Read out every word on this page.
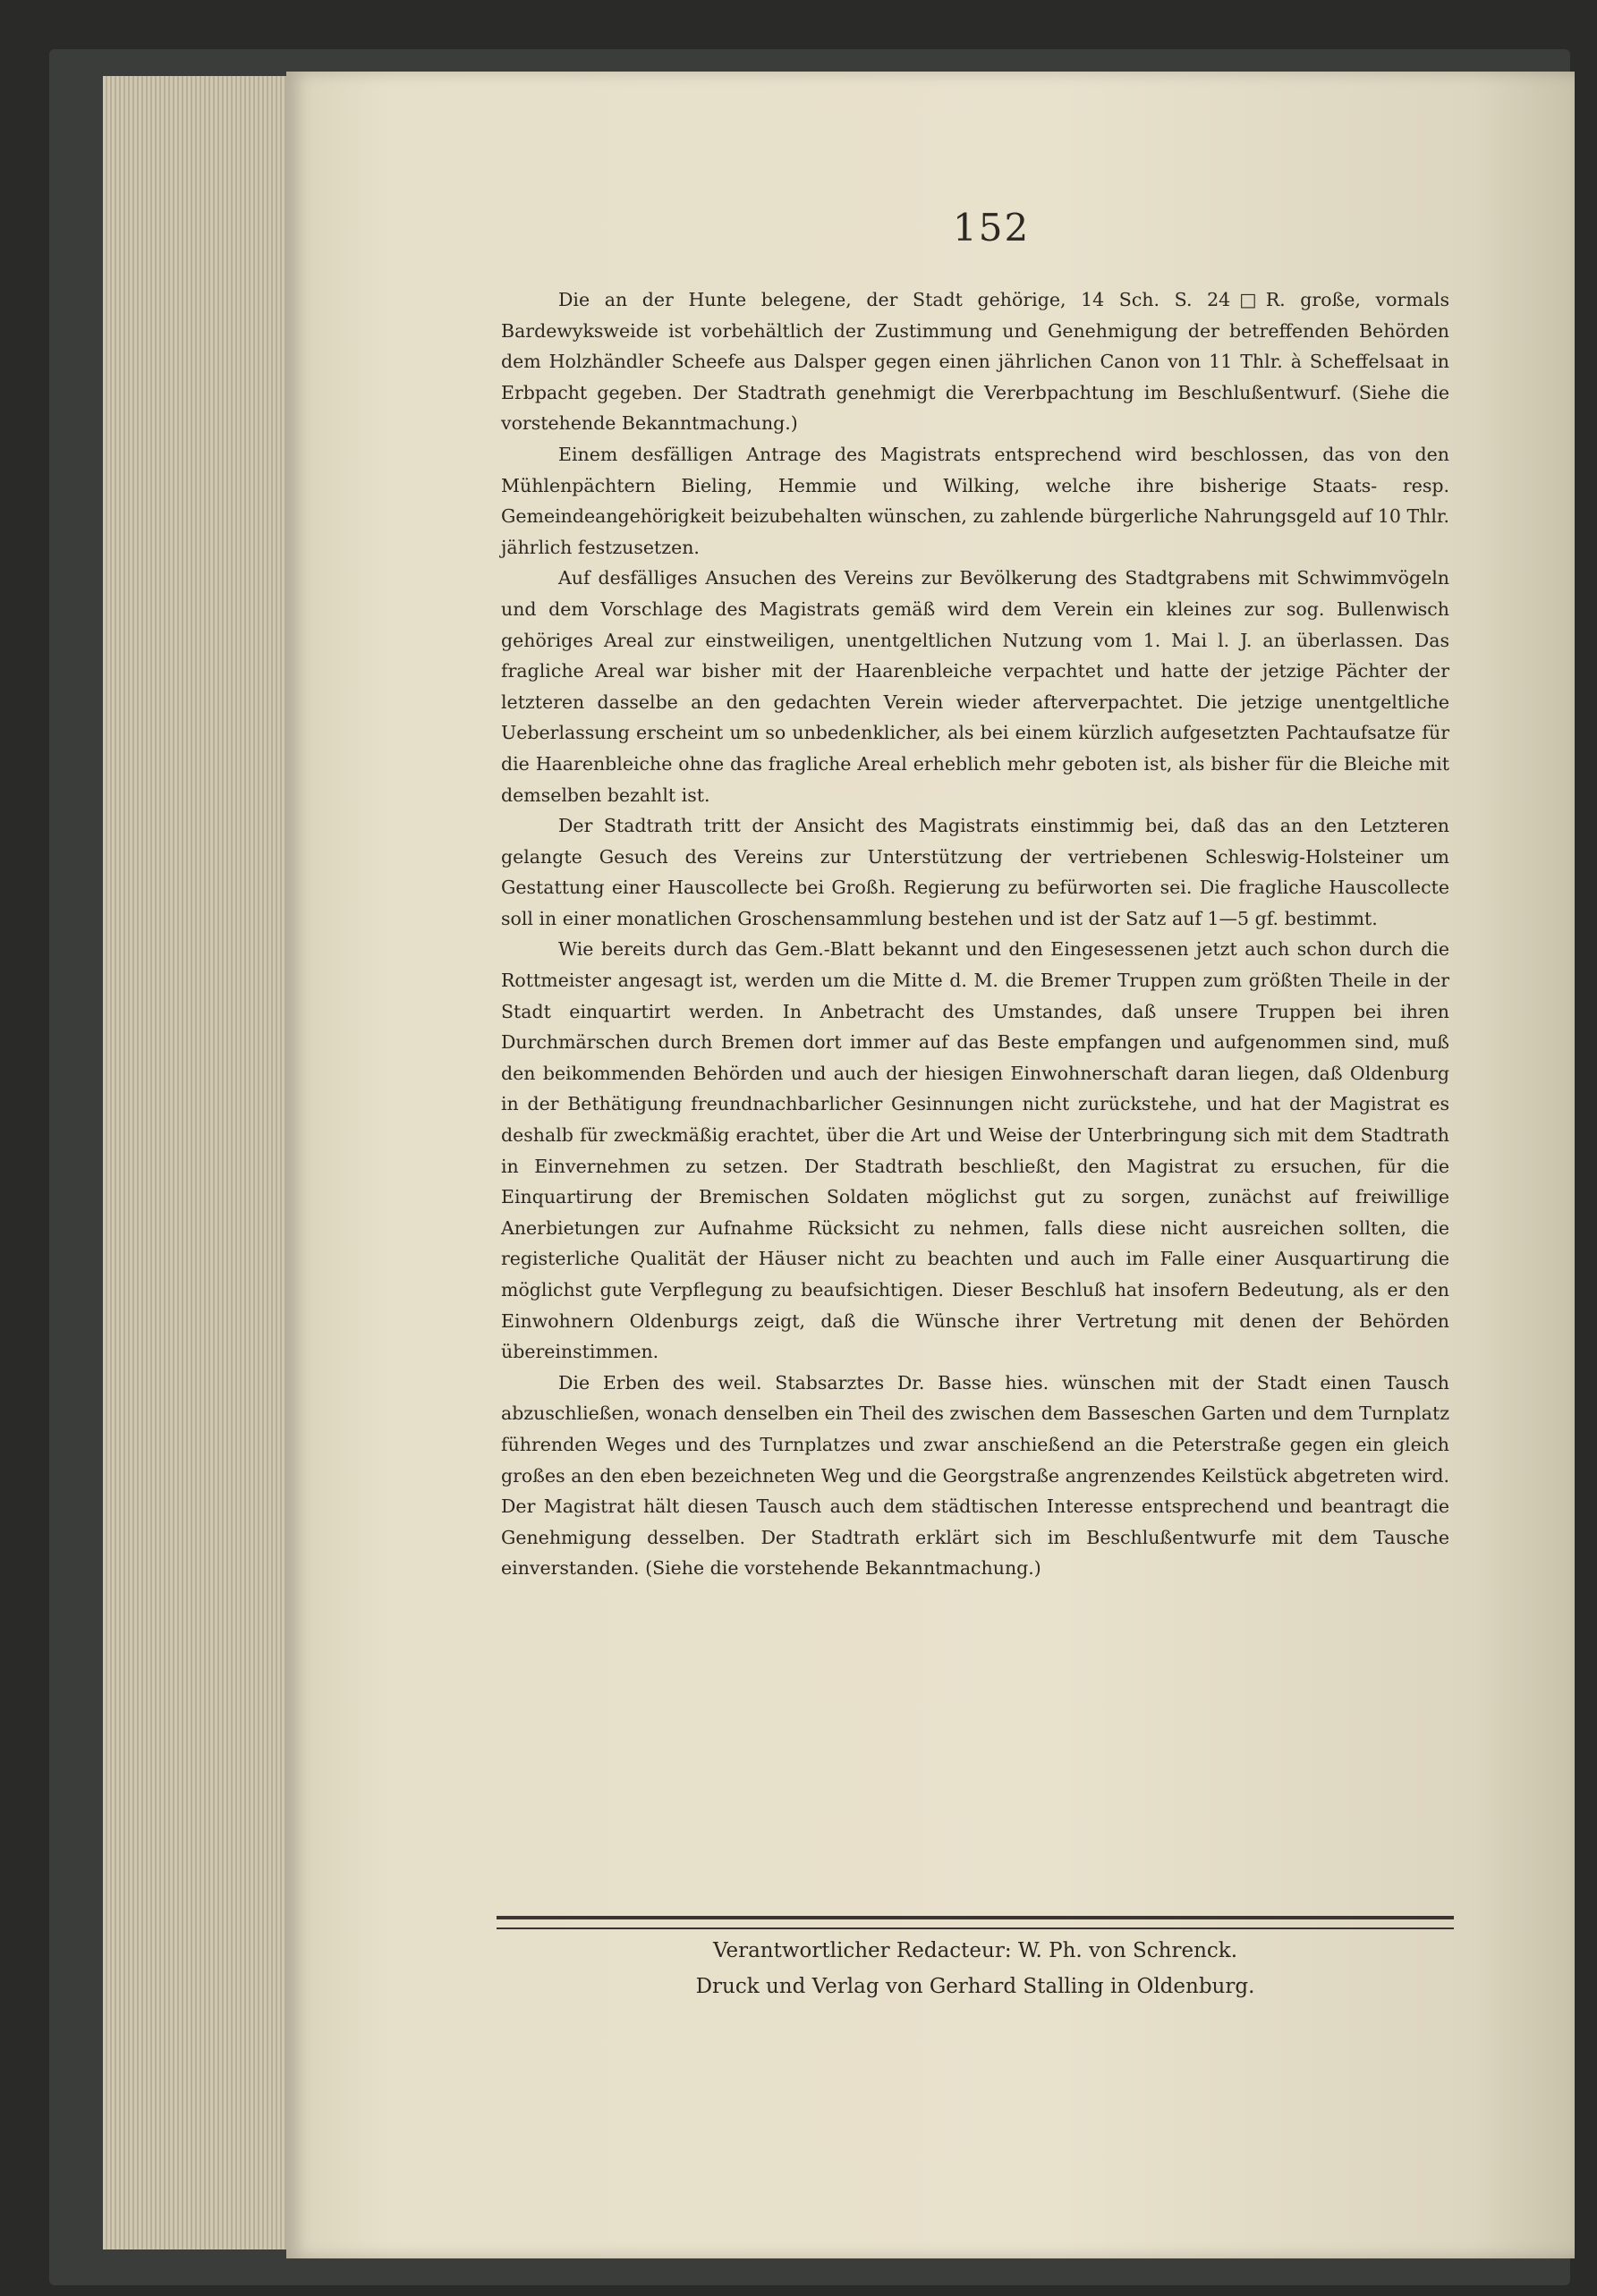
152

Die an der Hunte belegene, der Stadt gehörige, 14 Sch. S. 24□R. große, vormals Bardewyksweide ist vorbehältlich der Zustimmung und Genehmigung der betreffenden Behörden dem Holzhändler Scheefe aus Dalsper gegen einen jährlichen Canon von 11 Thlr. à Scheffelsaat in Erbpacht gegeben. Der Stadtrath genehmigt die Vererbpachtung im Beschlußentwurf. (Siehe die vorstehende Bekanntmachung.)

Einem desfälligen Antrage des Magistrats entsprechend wird beschlossen, das von den Mühlenpächtern Bieling, Hemmie und Wilking, welche ihre bisherige Staats- resp. Gemeindeangehörigkeit beizubehalten wünschen, zu zahlende bürgerliche Nahrungsgeld auf 10 Thlr. jährlich festzusetzen.

Auf desfälliges Ansuchen des Vereins zur Bevölkerung des Stadtgrabens mit Schwimmvögeln und dem Vorschlage des Magistrats gemäß wird dem Verein ein kleines zur sog. Bullenwisch gehöriges Areal zur einstweiligen, unentgeltlichen Nutzung vom 1. Mai l. J. an überlassen. Das fragliche Areal war bisher mit der Haarenbleiche verpachtet und hatte der jetzige Pächter der letzteren dasselbe an den gedachten Verein wieder afterverpachtet. Die jetzige unentgeltliche Ueberlassung erscheint um so unbedenklicher, als bei einem kürzlich aufgesetzten Pachtaufsatze für die Haarenbleiche ohne das fragliche Areal erheblich mehr geboten ist, als bisher für die Bleiche mit demselben bezahlt ist.

Der Stadtrath tritt der Ansicht des Magistrats einstimmig bei, daß das an den Letzteren gelangte Gesuch des Vereins zur Unterstützung der vertriebenen Schleswig-Holsteiner um Gestattung einer Hauscollecte bei Großh. Regierung zu befürworten sei. Die fragliche Hauscollecte soll in einer monatlichen Groschensammlung bestehen und ist der Satz auf 1—5 gf. bestimmt.

Wie bereits durch das Gem.-Blatt bekannt und den Eingesessenen jetzt auch schon durch die Rottmeister angesagt ist, werden um die Mitte d. M. die Bremer Truppen zum größten Theile in der Stadt einquartirt werden. In Anbetracht des Umstandes, daß unsere Truppen bei ihren Durchmärschen durch Bremen dort immer auf das Beste empfangen und aufgenommen sind, muß den beikommenden Behörden und auch der hiesigen Einwohnerschaft daran liegen, daß Oldenburg in der Bethätigung freundnachbarlicher Gesinnungen nicht zurückstehe, und hat der Magistrat es deshalb für zweckmäßig erachtet, über die Art und Weise der Unterbringung sich mit dem Stadtrath in Einvernehmen zu setzen. Der Stadtrath beschließt, den Magistrat zu ersuchen, für die Einquartirung der Bremischen Soldaten möglichst gut zu sorgen, zunächst auf freiwillige Anerbietungen zur Aufnahme Rücksicht zu nehmen, falls diese nicht ausreichen sollten, die registerliche Qualität der Häuser nicht zu beachten und auch im Falle einer Ausquartirung die möglichst gute Verpflegung zu beaufsichtigen. Dieser Beschluß hat insofern Bedeutung, als er den Einwohnern Oldenburgs zeigt, daß die Wünsche ihrer Vertretung mit denen der Behörden übereinstimmen.

Die Erben des weil. Stabsarztes Dr. Basse hies. wünschen mit der Stadt einen Tausch abzuschließen, wonach denselben ein Theil des zwischen dem Basseschen Garten und dem Turnplatz führenden Weges und des Turnplatzes und zwar anschießend an die Peterstraße gegen ein gleich großes an den eben bezeichneten Weg und die Georgstraße angrenzendes Keilstück abgetreten wird. Der Magistrat hält diesen Tausch auch dem städtischen Interesse entsprechend und beantragt die Genehmigung desselben. Der Stadtrath erklärt sich im Beschlußentwurfe mit dem Tausche einverstanden. (Siehe die vorstehende Bekanntmachung.)

Verantwortlicher Redacteur: W. Ph. von Schrenck.
Druck und Verlag von Gerhard Stalling in Oldenburg.
